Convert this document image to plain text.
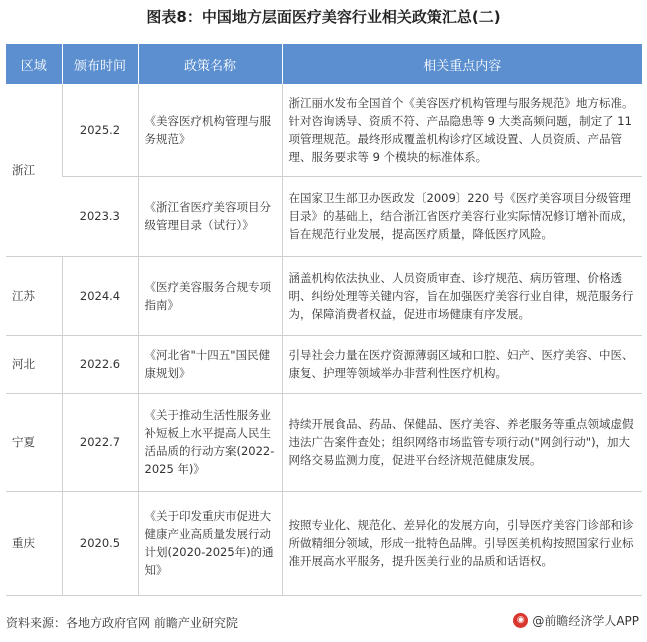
图表8：中国地方层面医疗美容行业相关政策汇总(二)
区域	颁布时间	政策名称	相关重点内容
浙江	2025.2	《美容医疗机构管理与服务规范》	浙江丽水发布全国首个《美容医疗机构管理与服务规范》地方标准。针对咨询诱导、资质不符、产品隐患等 9 大类高频问题，制定了 11 项管理规范。最终形成覆盖机构诊疗区域设置、人员资质、产品管理、服务要求等 9 个模块的标准体系。
	2023.3	《浙江省医疗美容项目分级管理目录（试行）》	在国家卫生部卫办医政发〔2009〕220 号《医疗美容项目分级管理目录》的基础上，结合浙江省医疗美容行业实际情况修订增补而成，旨在规范行业发展，提高医疗质量，降低医疗风险。
江苏	2024.4	《医疗美容服务合规专项指南》	涵盖机构依法执业、人员资质审查、诊疗规范、病历管理、价格透明、纠纷处理等关键内容，旨在加强医疗美容行业自律，规范服务行为，保障消费者权益，促进市场健康有序发展。
河北	2022.6	《河北省"十四五"国民健康规划》	引导社会力量在医疗资源薄弱区域和口腔、妇产、医疗美容、中医、康复、护理等领域举办非营利性医疗机构。
宁夏	2022.7	《关于推动生活性服务业补短板上水平提高人民生活品质的行动方案(2022-2025 年)》	持续开展食品、药品、保健品、医疗美容、养老服务等重点领域虚假违法广告案件查处；组织网络市场监管专项行动("网剑行动")，加大网络交易监测力度，促进平台经济规范健康发展。
重庆	2020.5	《关于印发重庆市促进大健康产业高质量发展行动计划(2020-2025年)的通知》	按照专业化、规范化、差异化的发展方向，引导医疗美容门诊部和诊所做精细分领域，形成一批特色品牌。引导医美机构按照国家行业标准开展高水平服务，提升医美行业的品质和话语权。
资料来源：各地方政府官网 前瞻产业研究院	◉ @前瞻经济学人APP
